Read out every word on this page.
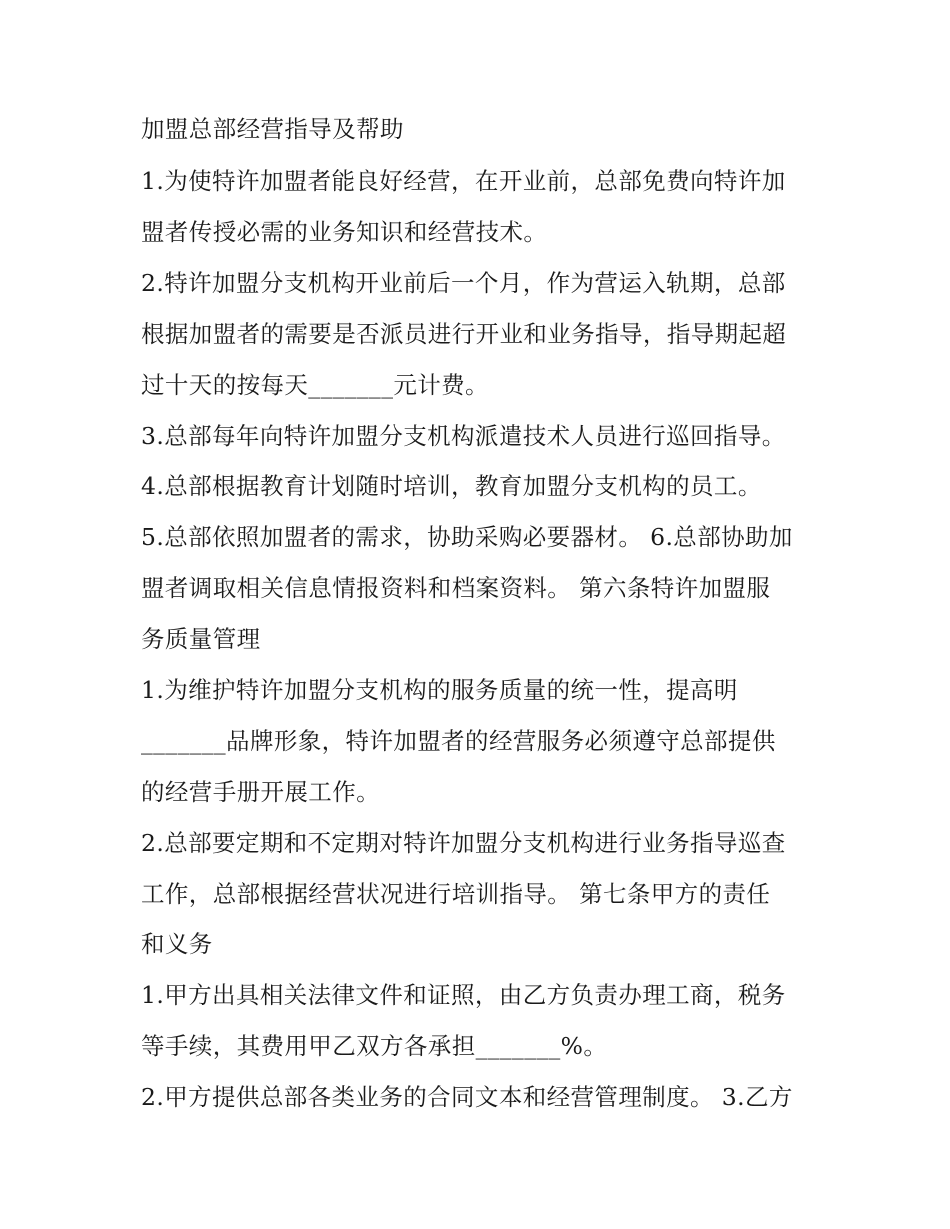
加盟总部经营指导及帮助
1.为使特许加盟者能良好经营，在开业前，总部免费向特许加
盟者传授必需的业务知识和经营技术。
2.特许加盟分支机构开业前后一个月，作为营运入轨期，总部
根据加盟者的需要是否派员进行开业和业务指导，指导期起超
过十天的按每天_______元计费。
3.总部每年向特许加盟分支机构派遣技术人员进行巡回指导。
4.总部根据教育计划随时培训，教育加盟分支机构的员工。
5.总部依照加盟者的需求，协助采购必要器材。 6.总部协助加
盟者调取相关信息情报资料和档案资料。 第六条特许加盟服
务质量管理
1.为维护特许加盟分支机构的服务质量的统一性，提高明
_______品牌形象，特许加盟者的经营服务必须遵守总部提供
的经营手册开展工作。
2.总部要定期和不定期对特许加盟分支机构进行业务指导巡查
工作，总部根据经营状况进行培训指导。 第七条甲方的责任
和义务
1.甲方出具相关法律文件和证照，由乙方负责办理工商，税务
等手续，其费用甲乙双方各承担_______%。
2.甲方提供总部各类业务的合同文本和经营管理制度。 3.乙方
